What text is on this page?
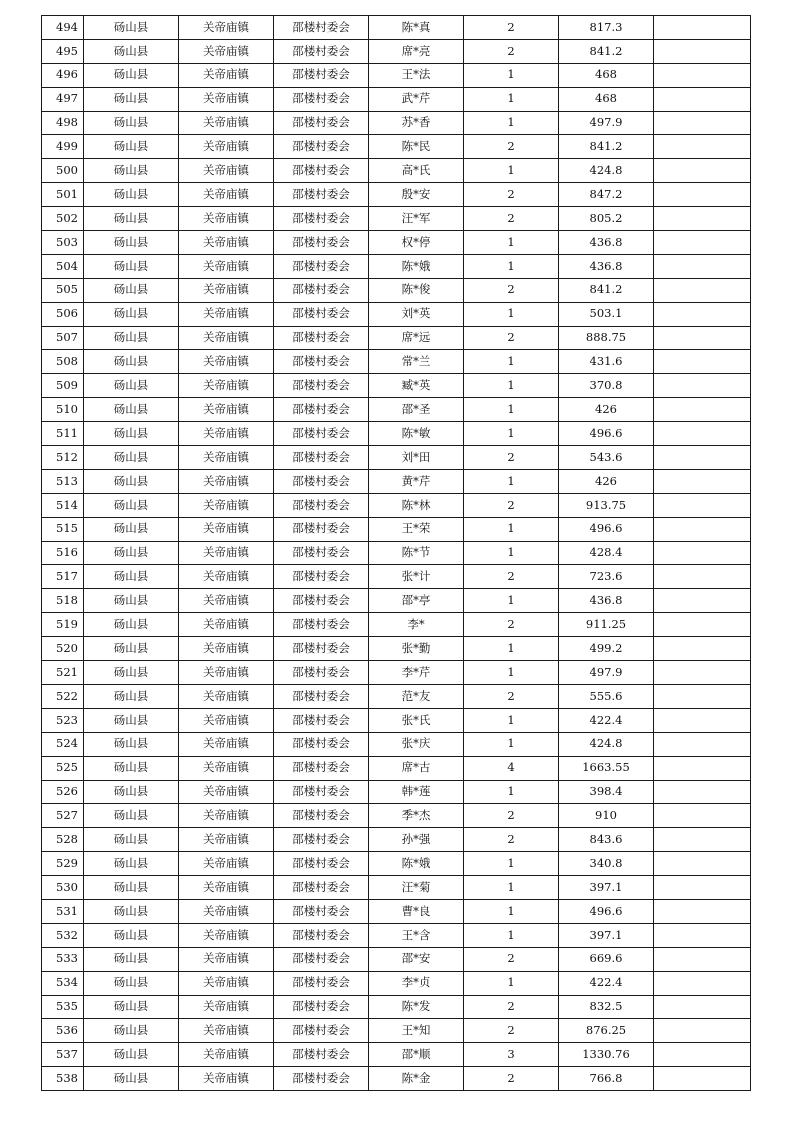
494	砀山县	关帝庙镇	邵楼村委会	陈*真	2	817.3	
495	砀山县	关帝庙镇	邵楼村委会	席*亮	2	841.2	
496	砀山县	关帝庙镇	邵楼村委会	王*法	1	468	
497	砀山县	关帝庙镇	邵楼村委会	武*芹	1	468	
498	砀山县	关帝庙镇	邵楼村委会	苏*香	1	497.9	
499	砀山县	关帝庙镇	邵楼村委会	陈*民	2	841.2	
500	砀山县	关帝庙镇	邵楼村委会	高*氏	1	424.8	
501	砀山县	关帝庙镇	邵楼村委会	殷*安	2	847.2	
502	砀山县	关帝庙镇	邵楼村委会	汪*军	2	805.2	
503	砀山县	关帝庙镇	邵楼村委会	权*停	1	436.8	
504	砀山县	关帝庙镇	邵楼村委会	陈*娥	1	436.8	
505	砀山县	关帝庙镇	邵楼村委会	陈*俊	2	841.2	
506	砀山县	关帝庙镇	邵楼村委会	刘*英	1	503.1	
507	砀山县	关帝庙镇	邵楼村委会	席*远	2	888.75	
508	砀山县	关帝庙镇	邵楼村委会	常*兰	1	431.6	
509	砀山县	关帝庙镇	邵楼村委会	臧*英	1	370.8	
510	砀山县	关帝庙镇	邵楼村委会	邵*圣	1	426	
511	砀山县	关帝庙镇	邵楼村委会	陈*敏	1	496.6	
512	砀山县	关帝庙镇	邵楼村委会	刘*田	2	543.6	
513	砀山县	关帝庙镇	邵楼村委会	黄*芹	1	426	
514	砀山县	关帝庙镇	邵楼村委会	陈*林	2	913.75	
515	砀山县	关帝庙镇	邵楼村委会	王*荣	1	496.6	
516	砀山县	关帝庙镇	邵楼村委会	陈*节	1	428.4	
517	砀山县	关帝庙镇	邵楼村委会	张*计	2	723.6	
518	砀山县	关帝庙镇	邵楼村委会	邵*亭	1	436.8	
519	砀山县	关帝庙镇	邵楼村委会	李*	2	911.25	
520	砀山县	关帝庙镇	邵楼村委会	张*勤	1	499.2	
521	砀山县	关帝庙镇	邵楼村委会	李*芹	1	497.9	
522	砀山县	关帝庙镇	邵楼村委会	范*友	2	555.6	
523	砀山县	关帝庙镇	邵楼村委会	张*氏	1	422.4	
524	砀山县	关帝庙镇	邵楼村委会	张*庆	1	424.8	
525	砀山县	关帝庙镇	邵楼村委会	席*古	4	1663.55	
526	砀山县	关帝庙镇	邵楼村委会	韩*莲	1	398.4	
527	砀山县	关帝庙镇	邵楼村委会	季*杰	2	910	
528	砀山县	关帝庙镇	邵楼村委会	孙*强	2	843.6	
529	砀山县	关帝庙镇	邵楼村委会	陈*娥	1	340.8	
530	砀山县	关帝庙镇	邵楼村委会	汪*菊	1	397.1	
531	砀山县	关帝庙镇	邵楼村委会	曹*良	1	496.6	
532	砀山县	关帝庙镇	邵楼村委会	王*含	1	397.1	
533	砀山县	关帝庙镇	邵楼村委会	邵*安	2	669.6	
534	砀山县	关帝庙镇	邵楼村委会	李*贞	1	422.4	
535	砀山县	关帝庙镇	邵楼村委会	陈*发	2	832.5	
536	砀山县	关帝庙镇	邵楼村委会	王*知	2	876.25	
537	砀山县	关帝庙镇	邵楼村委会	邵*顺	3	1330.76	
538	砀山县	关帝庙镇	邵楼村委会	陈*金	2	766.8	
